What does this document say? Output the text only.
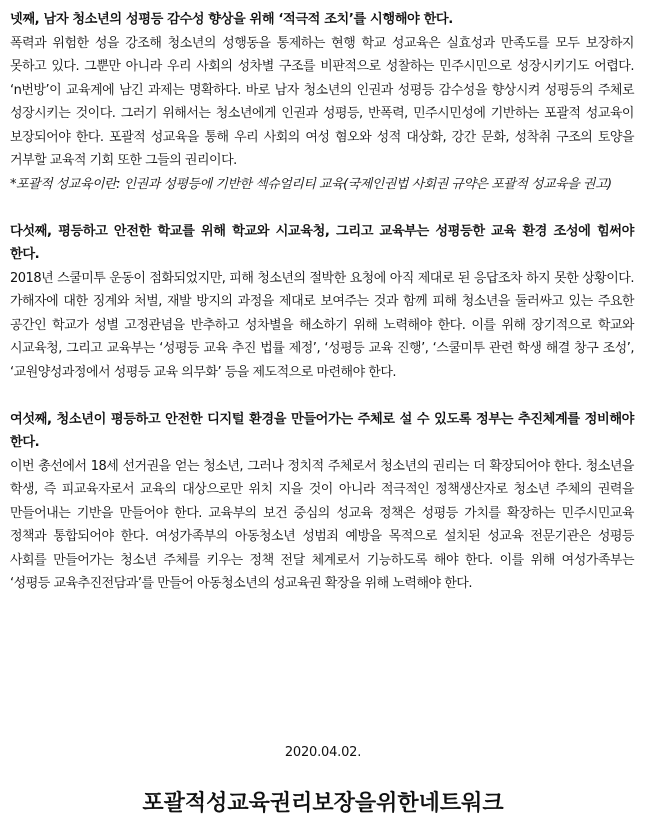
넷째, 남자 청소년의 성평등 감수성 향상을 위해 ‘적극적 조치’를 시행해야 한다.

폭력과 위험한 성을 강조해 청소년의 성행동을 통제하는 현행 학교 성교육은 실효성과 만족도를 모두 보장하지 못하고 있다. 그뿐만 아니라 우리 사회의 성차별 구조를 비판적으로 성찰하는 민주시민으로 성장시키기도 어렵다. ‘n번방’이 교육계에 남긴 과제는 명확하다. 바로 남자 청소년의 인권과 성평등 감수성을 향상시켜 성평등의 주체로 성장시키는 것이다. 그러기 위해서는 청소년에게 인권과 성평등, 반폭력, 민주시민성에 기반하는 포괄적 성교육이 보장되어야 한다. 포괄적 성교육을 통해 우리 사회의 여성 혐오와 성적 대상화, 강간 문화, 성착취 구조의 토양을 거부할 교육적 기회 또한 그들의 권리이다.

*포괄적 성교육이란: 인권과 성평등에 기반한 섹슈얼리티 교육(국제인권법 사회권 규약은 포괄적 성교육을 권고)

다섯째, 평등하고 안전한 학교를 위해 학교와 시교육청, 그리고 교육부는 성평등한 교육 환경 조성에 힘써야 한다.

2018년 스쿨미투 운동이 점화되었지만, 피해 청소년의 절박한 요청에 아직 제대로 된 응답조차 하지 못한 상황이다. 가해자에 대한 징계와 처벌, 재발 방지의 과정을 제대로 보여주는 것과 함께 피해 청소년을 둘러싸고 있는 주요한 공간인 학교가 성별 고정관념을 반추하고 성차별을 해소하기 위해 노력해야 한다. 이를 위해 장기적으로 학교와 시교육청, 그리고 교육부는 ‘성평등 교육 추진 법률 제정’, ‘성평등 교육 진행’, ‘스쿨미투 관련 학생 해결 창구 조성’, ‘교원양성과정에서 성평등 교육 의무화’ 등을 제도적으로 마련해야 한다.

여섯째, 청소년이 평등하고 안전한 디지털 환경을 만들어가는 주체로 설 수 있도록 정부는 추진체계를 정비해야 한다.

이번 총선에서 18세 선거권을 얻는 청소년, 그러나 정치적 주체로서 청소년의 권리는 더 확장되어야 한다. 청소년을 학생, 즉 피교육자로서 교육의 대상으로만 위치 지을 것이 아니라 적극적인 정책생산자로 청소년 주체의 권력을 만들어내는 기반을 만들어야 한다. 교육부의 보건 중심의 성교육 정책은 성평등 가치를 확장하는 민주시민교육 정책과 통합되어야 한다. 여성가족부의 아동청소년 성범죄 예방을 목적으로 설치된 성교육 전문기관은 성평등 사회를 만들어가는 청소년 주체를 키우는 정책 전달 체계로서 기능하도록 해야 한다. 이를 위해 여성가족부는 ‘성평등 교육추진전담과’를 만들어 아동청소년의 성교육권 확장을 위해 노력해야 한다.

2020.04.02.
포괄적성교육권리보장을위한네트워크
